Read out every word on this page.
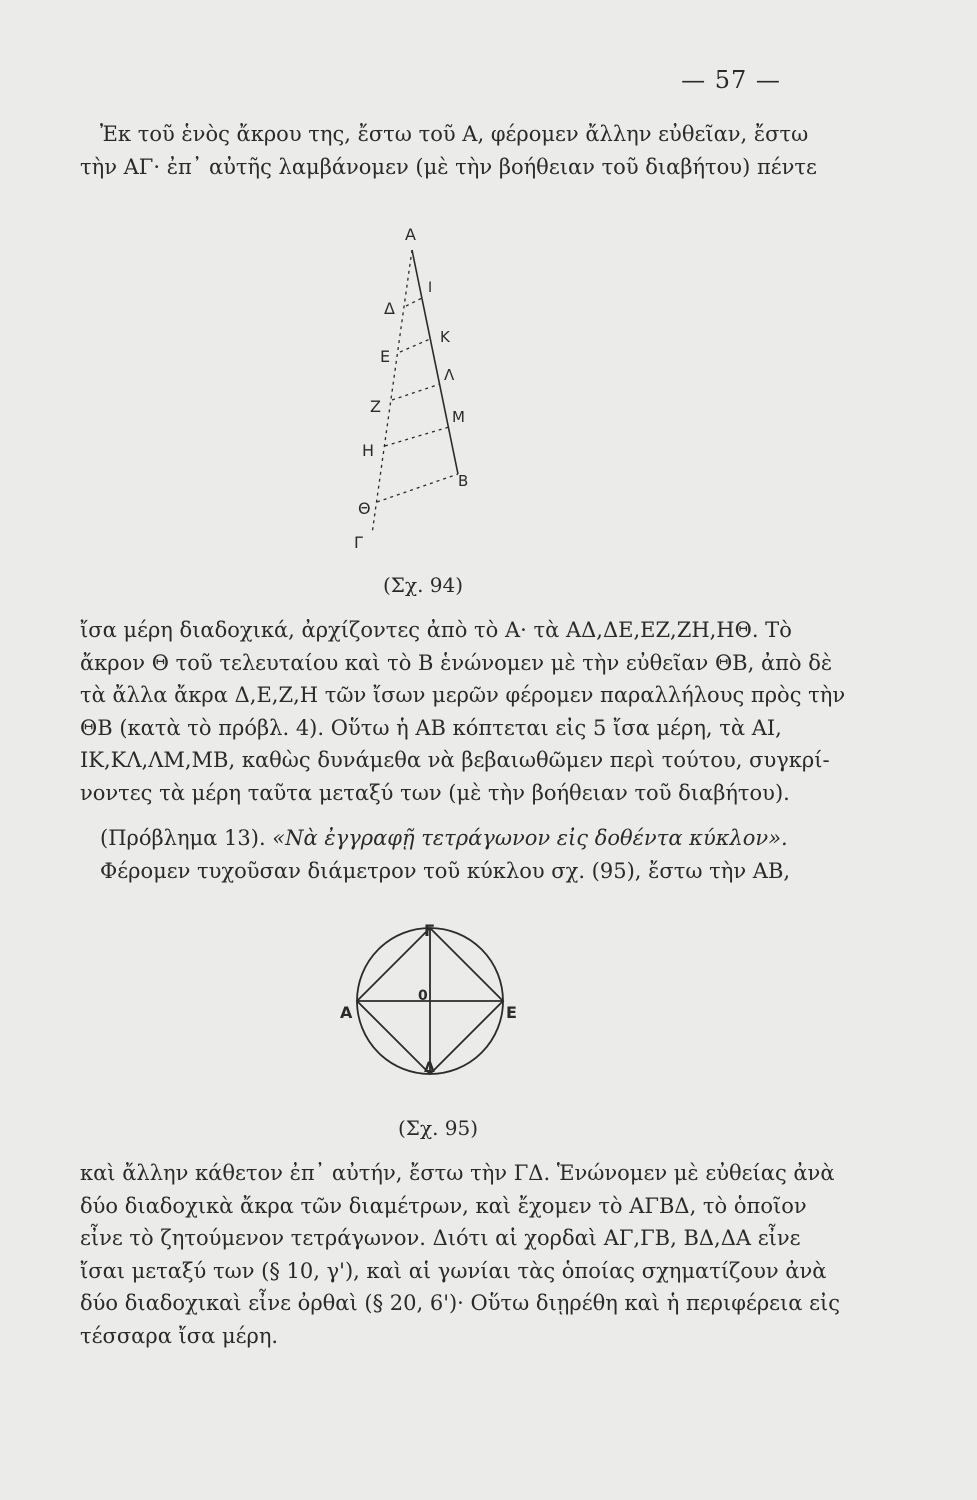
— 57 —

Ἐκ τοῦ ἑνὸς ἄκρου της, ἔστω τοῦ Α, φέρομεν ἄλλην εὐθεῖαν, ἔστω
τὴν ΑΓ· ἐπ᾽ αὐτῆς λαμβάνομεν (μὲ τὴν βοήθειαν τοῦ διαβήτου) πέντε

Α
Ι
Δ
Κ
Ε
Λ
Ζ
Μ
Η
Β
Θ
Γ
(Σχ. 94)

ἴσα μέρη διαδοχικά, ἀρχίζοντες ἀπὸ τὸ Α· τὰ ΑΔ,ΔΕ,ΕΖ,ΖΗ,ΗΘ. Τὸ
ἄκρον Θ τοῦ τελευταίου καὶ τὸ Β ἑνώνομεν μὲ τὴν εὐθεῖαν ΘΒ, ἀπὸ δὲ
τὰ ἄλλα ἄκρα Δ,Ε,Ζ,Η τῶν ἴσων μερῶν φέρομεν παραλλήλους πρὸς τὴν
ΘΒ (κατὰ τὸ πρόβλ. 4). Οὕτω ἡ ΑΒ κόπτεται εἰς 5 ἴσα μέρη, τὰ ΑΙ,
ΙΚ,ΚΛ,ΛΜ,ΜΒ, καθὼς δυνάμεθα νὰ βεβαιωθῶμεν περὶ τούτου, συγκρί-
νοντες τὰ μέρη ταῦτα μεταξύ των (μὲ τὴν βοήθειαν τοῦ διαβήτου).

(Πρόβλημα 13). «Νὰ ἐγγραφῇ τετράγωνον εἰς δοθέντα κύκλον».
Φέρομεν τυχοῦσαν διάμετρον τοῦ κύκλου σχ. (95), ἔστω τὴν ΑΒ,

Γ
Α	Ε
Δ
0
(Σχ. 95)

καὶ ἄλλην κάθετον ἐπ᾽ αὐτήν, ἔστω τὴν ΓΔ. Ἑνώνομεν μὲ εὐθείας ἀνὰ
δύο διαδοχικὰ ἄκρα τῶν διαμέτρων, καὶ ἔχομεν τὸ ΑΓΒΔ, τὸ ὁποῖον
εἶνε τὸ ζητούμενον τετράγωνον. Διότι αἱ χορδαὶ ΑΓ,ΓΒ, ΒΔ,ΔΑ εἶνε
ἴσαι μεταξύ των (§ 10, γ'), καὶ αἱ γωνίαι τὰς ὁποίας σχηματίζουν ἀνὰ
δύο διαδοχικαὶ εἶνε ὀρθαὶ (§ 20, 6')· Οὕτω διῃρέθη καὶ ἡ περιφέρεια εἰς
τέσσαρα ἴσα μέρη.
